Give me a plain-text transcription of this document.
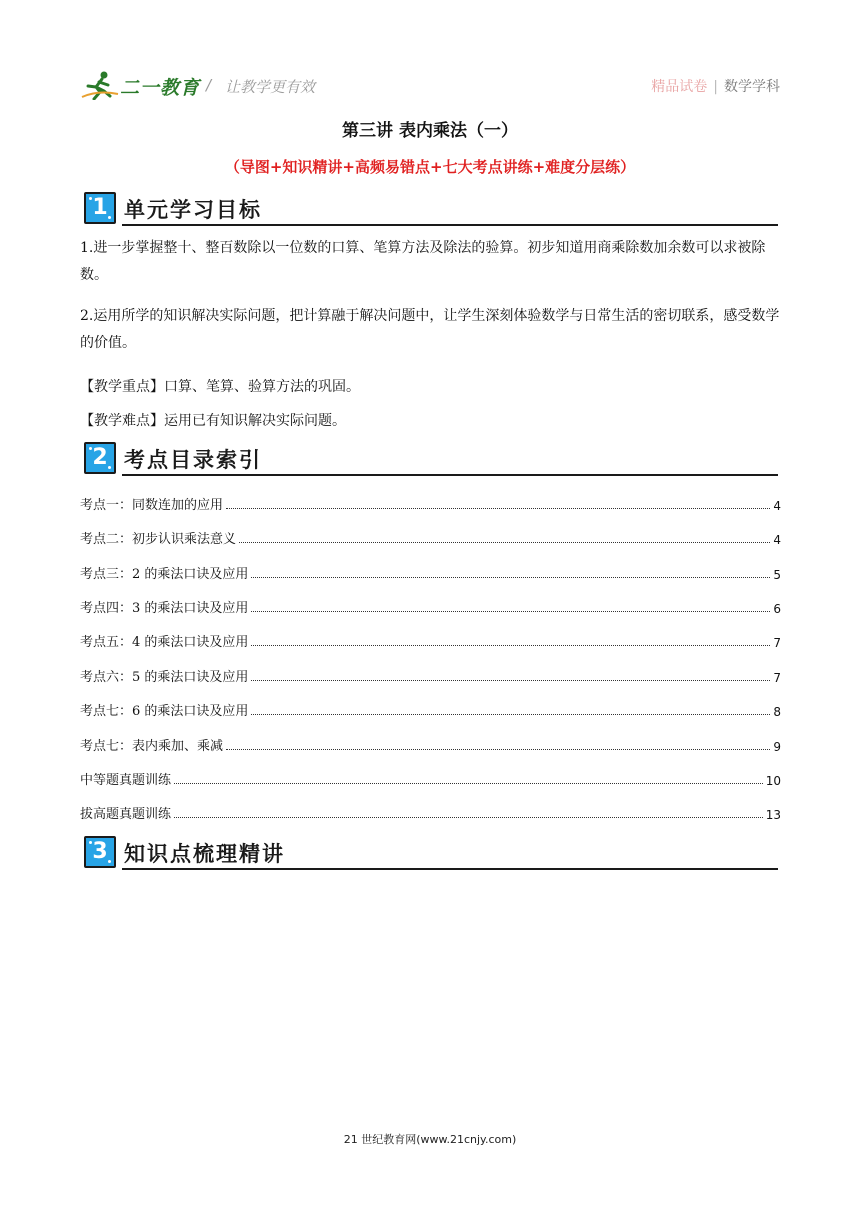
二一教育 / 让教学更有效	精品试卷 | 数学学科
第三讲 表内乘法（一）
（导图+知识精讲+高频易错点+七大考点讲练+难度分层练）
1 单元学习目标
1.进一步掌握整十、整百数除以一位数的口算、笔算方法及除法的验算。初步知道用商乘除数加余数可以求被除数。
2.运用所学的知识解决实际问题，把计算融于解决问题中，让学生深刻体验数学与日常生活的密切联系，感受数学的价值。
【教学重点】口算、笔算、验算方法的巩固。
【教学难点】运用已有知识解决实际问题。
2 考点目录索引
考点一：同数连加的应用	4
考点二：初步认识乘法意义	4
考点三：2 的乘法口诀及应用	5
考点四：3 的乘法口诀及应用	6
考点五：4 的乘法口诀及应用	7
考点六：5 的乘法口诀及应用	7
考点七：6 的乘法口诀及应用	8
考点七：表内乘加、乘减	9
中等题真题训练	10
拔高题真题训练	13
3 知识点梳理精讲
21 世纪教育网(www.21cnjy.com)
